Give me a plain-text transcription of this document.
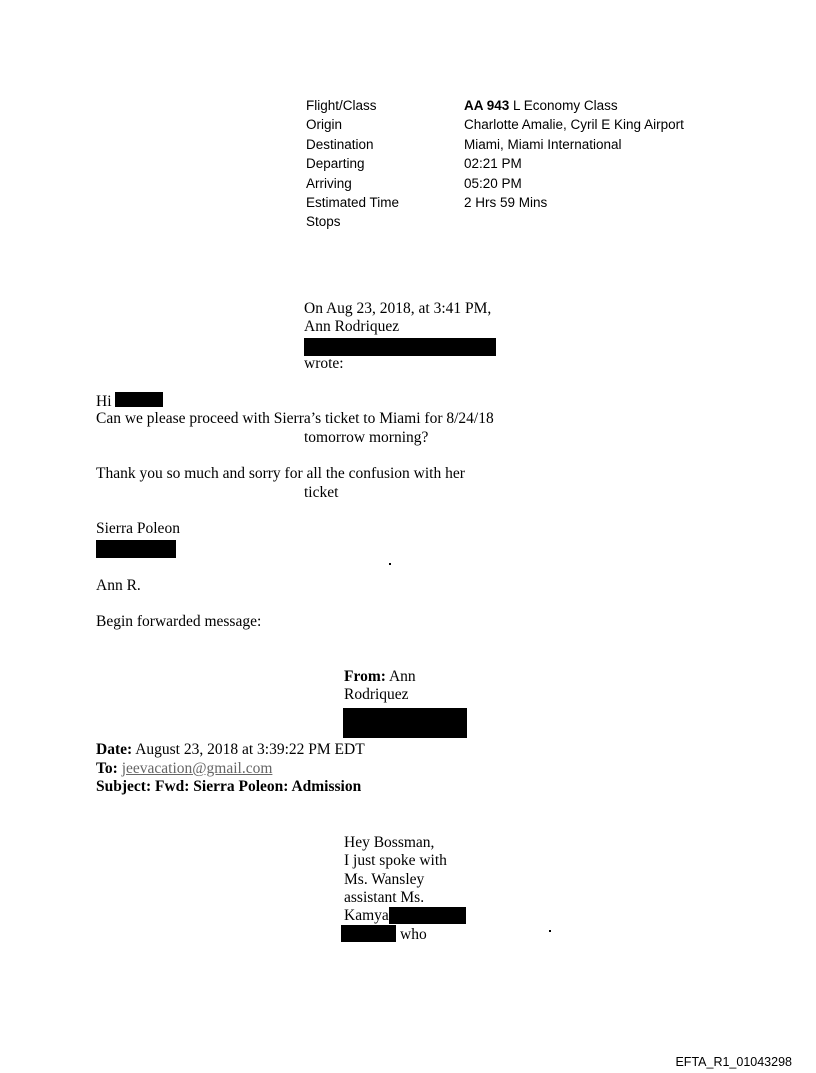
Flight/Class	AA 943 L Economy Class
Origin	Charlotte Amalie, Cyril E King Airport
Destination	Miami, Miami International
Departing	02:21 PM
Arriving	05:20 PM
Estimated Time	2 Hrs 59 Mins
Stops
On Aug 23, 2018, at 3:41 PM,
Ann Rodriquez
wrote:
Hi
Can we please proceed with Sierra’s ticket to Miami for 8/24/18
tomorrow morning?
Thank you so much and sorry for all the confusion with her
ticket
Sierra Poleon
Ann R.
Begin forwarded message:
From: Ann
Rodriquez
Date: August 23, 2018 at 3:39:22 PM EDT
To: jeevacation@gmail.com
Subject: Fwd: Sierra Poleon: Admission
Hey Bossman,
I just spoke with
Ms. Wansley
assistant Ms.
Kamya
who
EFTA_R1_01043298
